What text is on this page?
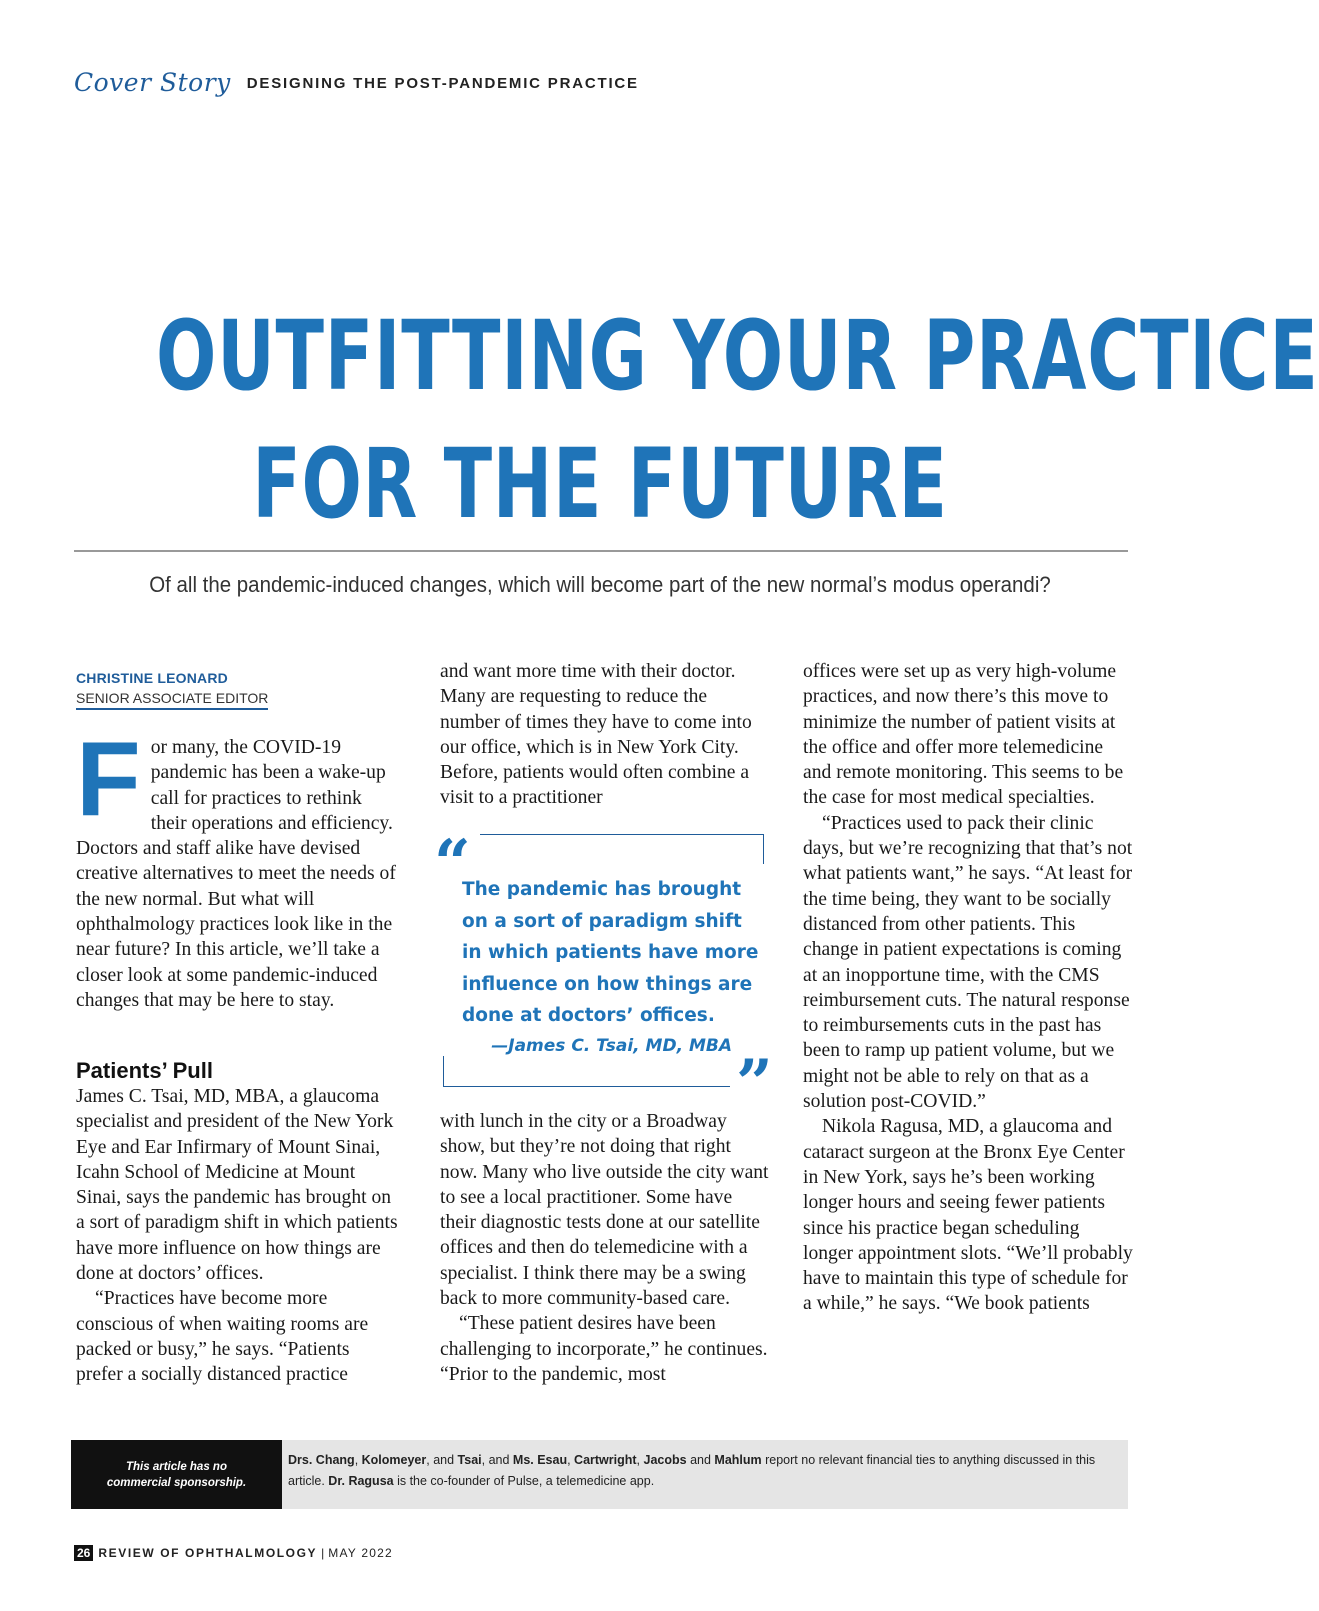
Cover Story DESIGNING THE POST-PANDEMIC PRACTICE
OUTFITTING YOUR PRACTICE
FOR THE FUTURE
Of all the pandemic-induced changes, which will become part of the new normal’s modus operandi?
CHRISTINE LEONARD
SENIOR ASSOCIATE EDITOR
F or many, the COVID-19 pandemic has been a wake-up call for practices to rethink their operations and efficiency. Doctors and staff alike have devised creative alternatives to meet the needs of the new normal. But what will ophthalmology practices look like in the near future? In this article, we’ll take a closer look at some pandemic-induced changes that may be here to stay.

Patients’ Pull

James C. Tsai, MD, MBA, a glaucoma specialist and president of the New York Eye and Ear Infirmary of Mount Sinai, Icahn School of Medicine at Mount Sinai, says the pandemic has brought on a sort of paradigm shift in which patients have more influence on how things are done at doctors’ offices.

“Practices have become more conscious of when waiting rooms are packed or busy,” he says. “Patients prefer a socially distanced practice

and want more time with their doctor. Many are requesting to reduce the number of times they have to come into our office, which is in New York City. Before, patients would often combine a visit to a practitioner

“
The pandemic has brought on a sort of paradigm shift in which patients have more influence on how things are done at doctors’ offices.
—James C. Tsai, MD, MBA ”

with lunch in the city or a Broadway show, but they’re not doing that right now. Many who live outside the city want to see a local practitioner. Some have their diagnostic tests done at our satellite offices and then do telemedicine with a specialist. I think there may be a swing back to more community-based care.

“These patient desires have been challenging to incorporate,” he continues. “Prior to the pandemic, most

offices were set up as very high-volume practices, and now there’s this move to minimize the number of patient visits at the office and offer more telemedicine and remote monitoring. This seems to be the case for most medical specialties.

“Practices used to pack their clinic days, but we’re recognizing that that’s not what patients want,” he says. “At least for the time being, they want to be socially distanced from other patients. This change in patient expectations is coming at an inopportune time, with the CMS reimbursement cuts. The natural response to reimbursements cuts in the past has been to ramp up patient volume, but we might not be able to rely on that as a solution post-COVID.”

Nikola Ragusa, MD, a glaucoma and cataract surgeon at the Bronx Eye Center in New York, says he’s been working longer hours and seeing fewer patients since his practice began scheduling longer appointment slots. “We’ll probably have to maintain this type of schedule for a while,” he says. “We book patients

This article has no commercial sponsorship.
Drs. Chang, Kolomeyer, and Tsai, and Ms. Esau, Cartwright, Jacobs and Mahlum report no relevant financial ties to anything discussed in this article. Dr. Ragusa is the co-founder of Pulse, a telemedicine app.
26 REVIEW OF OPHTHALMOLOGY | MAY 2022
